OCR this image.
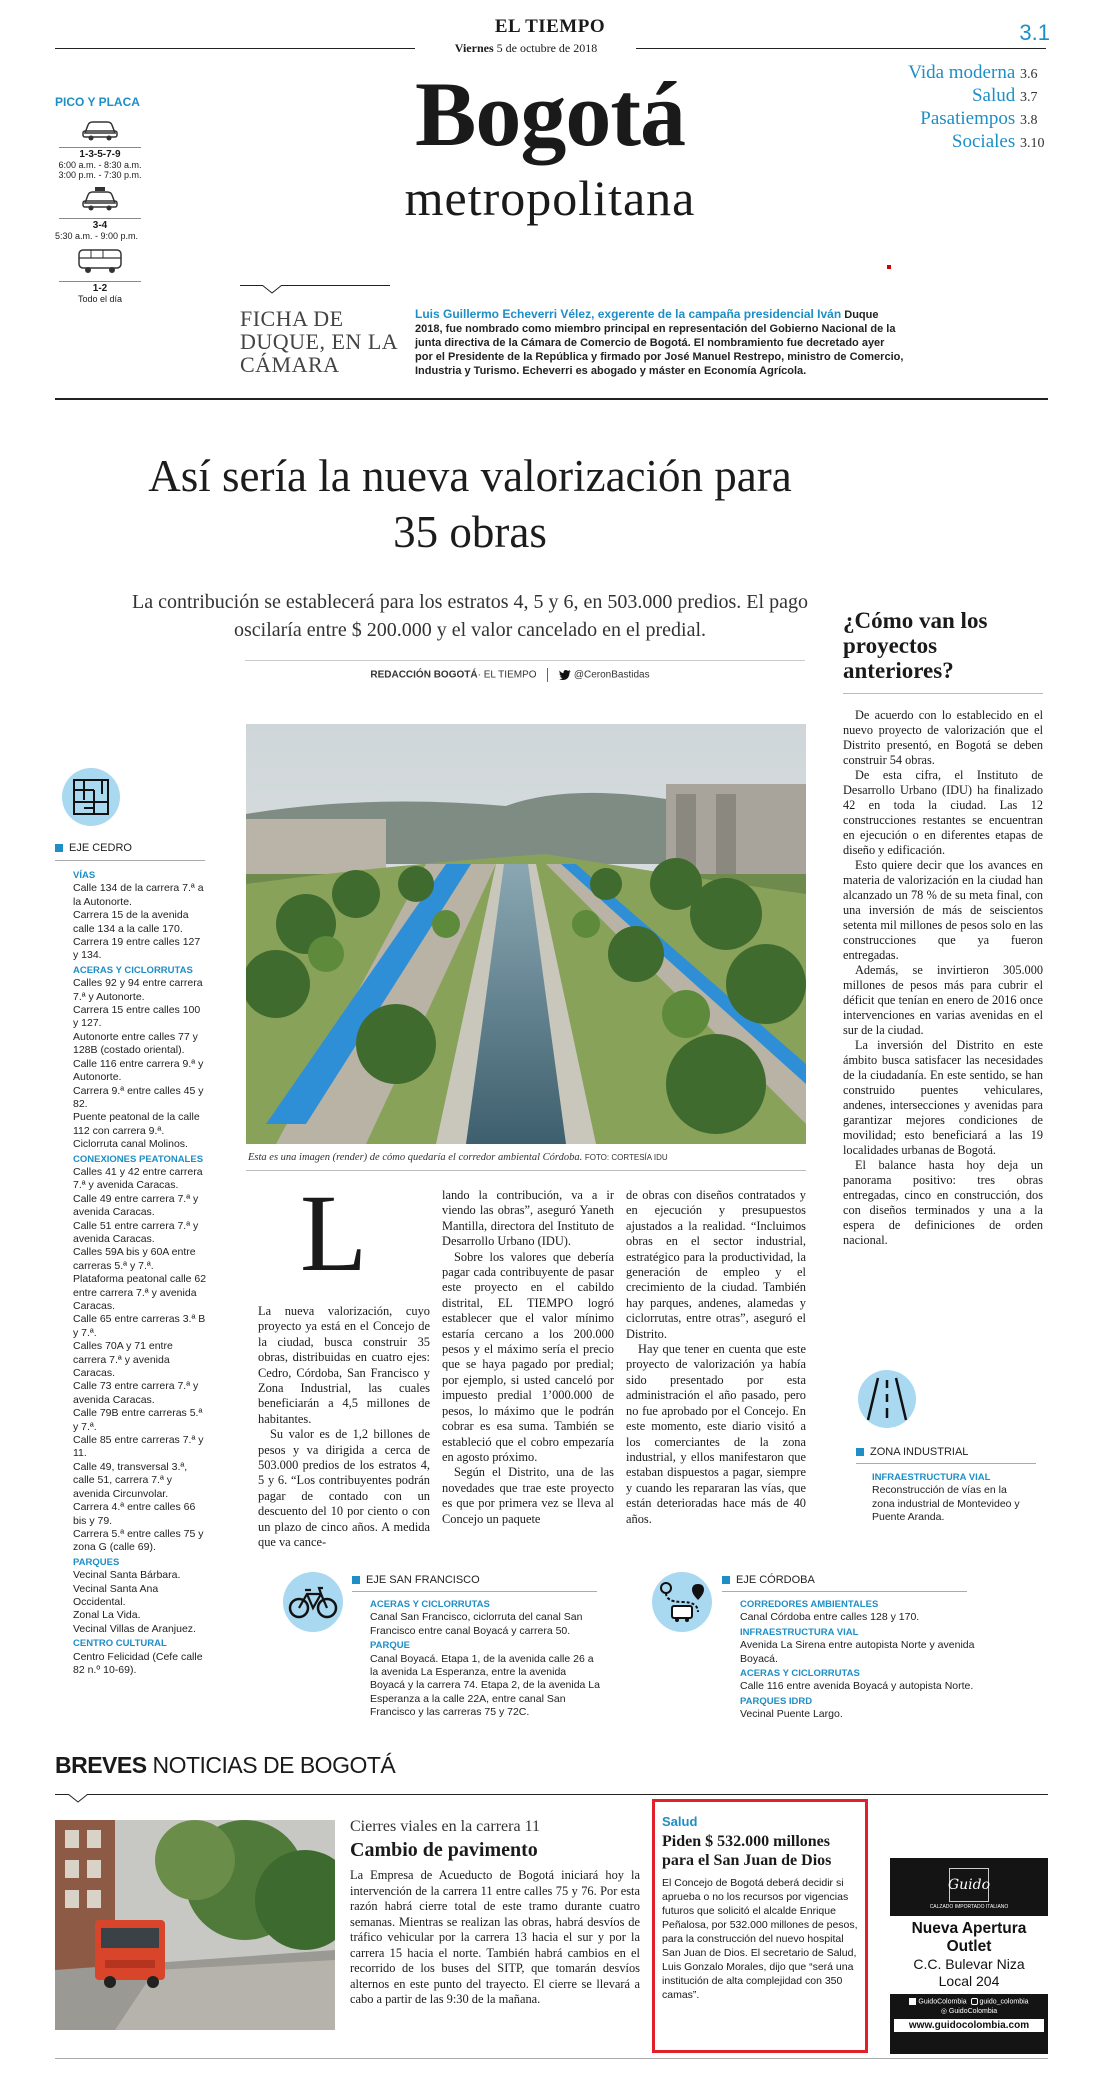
EL TIEMPO
Viernes 5 de octubre de 2018
3.1
Bogotá
metropolitana
Vida moderna 3.6
Salud 3.7
Pasatiempos 3.8
Sociales 3.10
PICO Y PLACA
1-3-5-7-9
6:00 a.m. - 8:30 a.m.
3:00 p.m. - 7:30 p.m.
3-4
5:30 a.m. - 9:00 p.m.
1-2
Todo el día
FICHA DE DUQUE, EN LA CÁMARA
Luis Guillermo Echeverri Vélez, exgerente de la campaña presidencial Iván Duque 2018, fue nombrado como miembro principal en representación del Gobierno Nacional de la junta directiva de la Cámara de Comercio de Bogotá. El nombramiento fue decretado ayer por el Presidente de la República y firmado por José Manuel Restrepo, ministro de Comercio, Industria y Turismo. Echeverri es abogado y máster en Economía Agrícola.
Así sería la nueva valorización para 35 obras
La contribución se establecerá para los estratos 4, 5 y 6, en 503.000 predios. El pago oscilaría entre $ 200.000 y el valor cancelado en el predial.
REDACCIÓN BOGOTÁ· EL TIEMPO	@CeronBastidas
Esta es una imagen (render) de cómo quedaría el corredor ambiental Córdoba. FOTO: CORTESÍA IDU
EJE CEDRO
VÍAS
Calle 134 de la carrera 7.ª a la Autonorte.
Carrera 15 de la avenida calle 134 a la calle 170.
Carrera 19 entre calles 127 y 134.
ACERAS Y CICLORRUTAS
Calles 92 y 94 entre carrera 7.ª y Autonorte.
Carrera 15 entre calles 100 y 127.
Autonorte entre calles 77 y 128B (costado oriental).
Calle 116 entre carrera 9.ª y Autonorte.
Carrera 9.ª entre calles 45 y 82.
Puente peatonal de la calle 112 con carrera 9.ª.
Ciclorruta canal Molinos.
CONEXIONES PEATONALES
Calles 41 y 42 entre carrera 7.ª y avenida Caracas.
Calle 49 entre carrera 7.ª y avenida Caracas.
Calle 51 entre carrera 7.ª y avenida Caracas.
Calles 59A bis y 60A entre carreras 5.ª y 7.ª.
Plataforma peatonal calle 62 entre carrera 7.ª y avenida Caracas.
Calle 65 entre carreras 3.ª B y 7.ª.
Calles 70A y 71 entre carrera 7.ª y avenida Caracas.
Calle 73 entre carrera 7.ª y avenida Caracas.
Calle 79B entre carreras 5.ª y 7.ª.
Calle 85 entre carreras 7.ª y 11.
Calle 49, transversal 3.ª, calle 51, carrera 7.ª y avenida Circunvolar.
Carrera 4.ª entre calles 66 bis y 79.
Carrera 5.ª entre calles 75 y zona G (calle 69).
PARQUES
Vecinal Santa Bárbara.
Vecinal Santa Ana Occidental.
Zonal La Vida.
Vecinal Villas de Aranjuez.
CENTRO CULTURAL
Centro Felicidad (Cefe calle 82 n.º 10-69).
L

La nueva valorización, cuyo proyecto ya está en el Concejo de la ciudad, busca construir 35 obras, distribuidas en cuatro ejes: Cedro, Córdoba, San Francisco y Zona Industrial, las cuales beneficiarán a 4,5 millones de habitantes.

Su valor es de 1,2 billones de pesos y va dirigida a cerca de 503.000 predios de los estratos 4, 5 y 6. “Los contribuyentes podrán pagar de contado con un descuento del 10 por ciento o con un plazo de cinco años. A medida que va cance-

lando la contribución, va a ir viendo las obras”, aseguró Yaneth Mantilla, directora del Instituto de Desarrollo Urbano (IDU).

Sobre los valores que debería pagar cada contribuyente de pasar este proyecto en el cabildo distrital, EL TIEMPO logró establecer que el valor mínimo estaría cercano a los 200.000 pesos y el máximo sería el precio que se haya pagado por predial; por ejemplo, si usted canceló por impuesto predial 1’000.000 de pesos, lo máximo que le podrán cobrar es esa suma. También se estableció que el cobro empezaría en agosto próximo.

Según el Distrito, una de las novedades que trae este proyecto es que por primera vez se lleva al Concejo un paquete

de obras con diseños contratados y en ejecución y presupuestos ajustados a la realidad. “Incluimos obras en el sector industrial, estratégico para la productividad, la generación de empleo y el crecimiento de la ciudad. También hay parques, andenes, alamedas y ciclorrutas, entre otras”, aseguró el Distrito.

Hay que tener en cuenta que este proyecto de valorización ya había sido presentado por esta administración el año pasado, pero no fue aprobado por el Concejo. En este momento, este diario visitó a los comerciantes de la zona industrial, y ellos manifestaron que estaban dispuestos a pagar, siempre y cuando les repararan las vías, que están deterioradas hace más de 40 años.

¿Cómo van los proyectos anteriores?

De acuerdo con lo establecido en el nuevo proyecto de valorización que el Distrito presentó, en Bogotá se deben construir 54 obras.

De esta cifra, el Instituto de Desarrollo Urbano (IDU) ha finalizado 42 en toda la ciudad. Las 12 construcciones restantes se encuentran en ejecución o en diferentes etapas de diseño y edificación.

Esto quiere decir que los avances en materia de valorización en la ciudad han alcanzado un 78 % de su meta final, con una inversión de más de seiscientos setenta mil millones de pesos solo en las construcciones que ya fueron entregadas.

Además, se invirtieron 305.000 millones de pesos más para cubrir el déficit que tenían en enero de 2016 once intervenciones en varias avenidas en el sur de la ciudad.

La inversión del Distrito en este ámbito busca satisfacer las necesidades de la ciudadanía. En este sentido, se han construido puentes vehiculares, andenes, intersecciones y avenidas para garantizar mejores condiciones de movilidad; esto beneficiará a las 19 localidades urbanas de Bogotá.

El balance hasta hoy deja un panorama positivo: tres obras entregadas, cinco en construcción, dos con diseños terminados y una a la espera de definiciones de orden nacional.

ZONA INDUSTRIAL
INFRAESTRUCTURA VIAL
Reconstrucción de vías en la zona industrial de Montevideo y Puente Aranda.
EJE SAN FRANCISCO
ACERAS Y CICLORRUTAS
Canal San Francisco, ciclorruta del canal San Francisco entre canal Boyacá y carrera 50.
PARQUE
Canal Boyacá. Etapa 1, de la avenida calle 26 a la avenida La Esperanza, entre la avenida Boyacá y la carrera 74. Etapa 2, de la avenida La Esperanza a la calle 22A, entre canal San Francisco y las carreras 75 y 72C.
EJE CÓRDOBA
CORREDORES AMBIENTALES
Canal Córdoba entre calles 128 y 170.
INFRAESTRUCTURA VIAL
Avenida La Sirena entre autopista Norte y avenida Boyacá.
ACERAS Y CICLORRUTAS
Calle 116 entre avenida Boyacá y autopista Norte.
PARQUES IDRD
Vecinal Puente Largo.
BREVES NOTICIAS DE BOGOTÁ
Cierres viales en la carrera 11
Cambio de pavimento
La Empresa de Acueducto de Bogotá iniciará hoy la intervención de la carrera 11 entre calles 75 y 76. Por esta razón habrá cierre total de este tramo durante cuatro semanas. Mientras se realizan las obras, habrá desvíos de tráfico vehicular por la carrera 13 hacia el sur y por la carrera 15 hacia el norte. También habrá cambios en el recorrido de los buses del SITP, que tomarán desvíos alternos en este punto del trayecto. El cierre se llevará a cabo a partir de las 9:30 de la mañana.
Salud
Piden $ 532.000 millones para el San Juan de Dios
El Concejo de Bogotá deberá decidir si aprueba o no los recursos por vigencias futuros que solicitó el alcalde Enrique Peñalosa, por 532.000 millones de pesos, para la construcción del nuevo hospital San Juan de Dios. El secretario de Salud, Luis Gonzalo Morales, dijo que “será una institución de alta complejidad con 350 camas”.
Guido
CALZADO IMPORTADO ITALIANO
Nueva Apertura Outlet
C.C. Bulevar Niza
Local 204
GuidoColombia guido_colombia
◎ GuidoColombia
www.guidocolombia.com
